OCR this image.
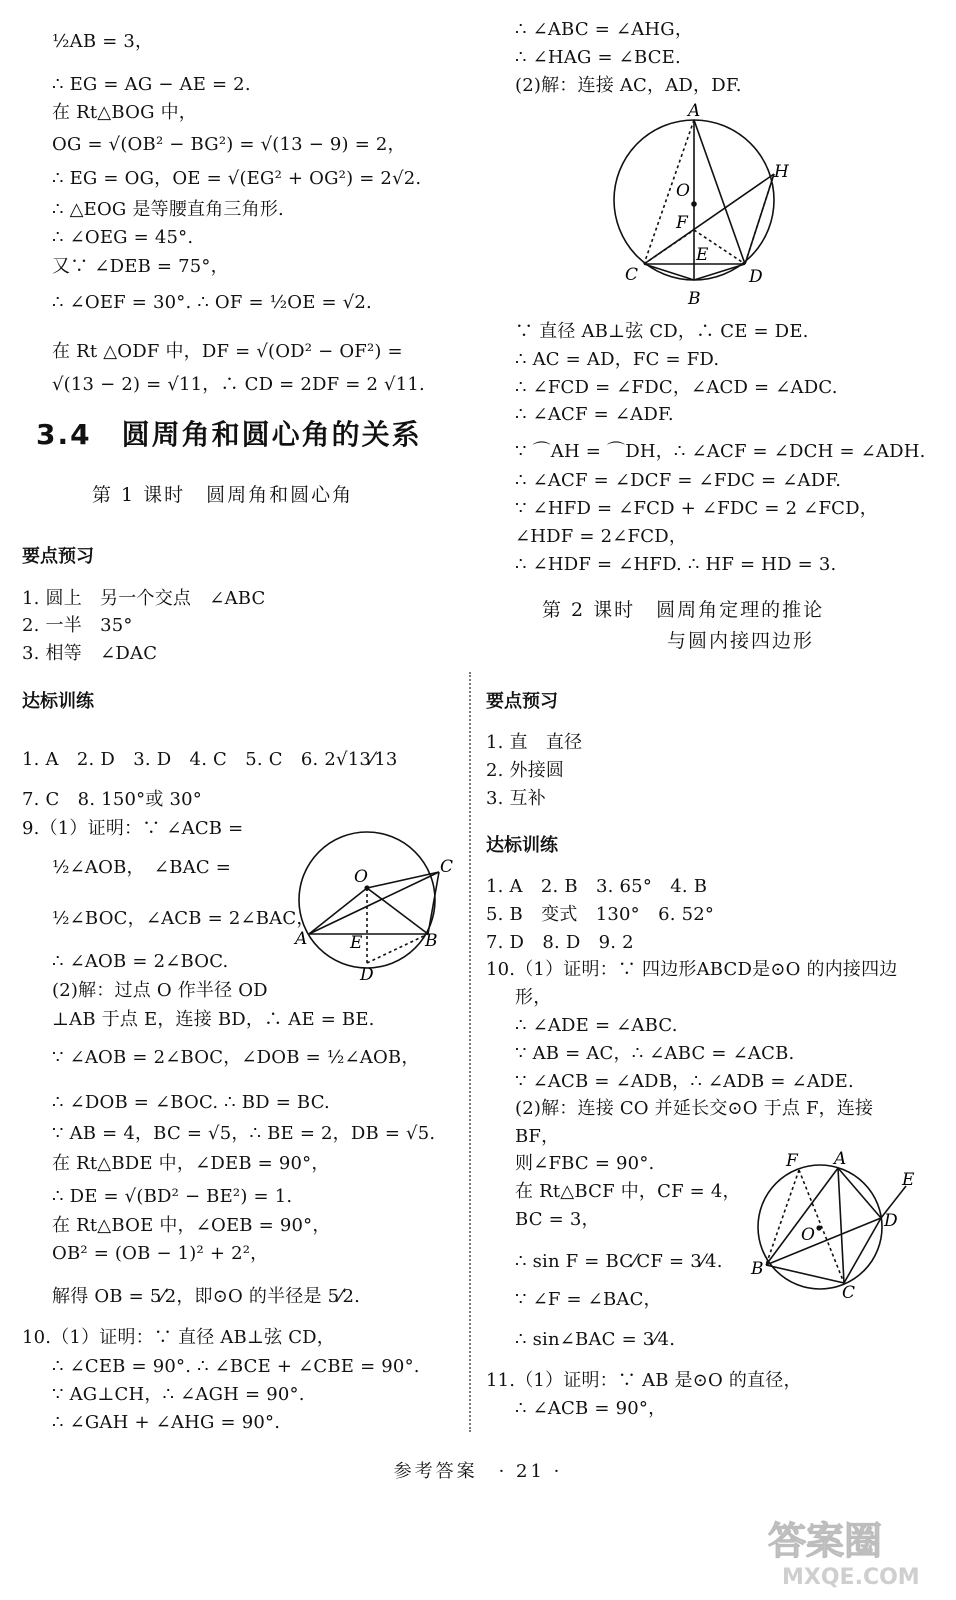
½AB = 3，
∴ EG = AG − AE = 2.
在 Rt△BOG 中，
OG = √(OB² − BG²) = √(13 − 9) = 2，
∴ EG = OG，OE = √(EG² + OG²) = 2√2.
∴ △EOG 是等腰直角三角形.
∴ ∠OEG = 45°.
又∵ ∠DEB = 75°，
∴ ∠OEF = 30°. ∴ OF = ½OE = √2.
在 Rt △ODF 中，DF = √(OD² − OF²) =
√(13 − 2) = √11，∴ CD = 2DF = 2 √11.
3.4　圆周角和圆心角的关系
第 1 课时　圆周角和圆心角
要点预习
1. 圆上　另一个交点　∠ABC
2. 一半　35°
3. 相等　∠DAC
达标训练
1. A　2. D　3. D　4. C　5. C　6. 2√13⁄13
7. C　8. 150°或 30°
9.（1）证明：∵ ∠ACB =
½∠AOB，　∠BAC =
½∠BOC，∠ACB = 2∠BAC，
∴ ∠AOB = 2∠BOC.
(2)解：过点 O 作半径 OD
⊥AB 于点 E，连接 BD，∴ AE = BE.
∵ ∠AOB = 2∠BOC，∠DOB = ½∠AOB，
∴ ∠DOB = ∠BOC. ∴ BD = BC.
∵ AB = 4，BC = √5，∴ BE = 2，DB = √5.
在 Rt△BDE 中，∠DEB = 90°，
∴ DE = √(BD² − BE²) = 1.
在 Rt△BOE 中，∠OEB = 90°，
OB² = (OB − 1)² + 2²，
解得 OB = 5⁄2，即⊙O 的半径是 5⁄2.
10.（1）证明：∵ 直径 AB⊥弦 CD，
∴ ∠CEB = 90°. ∴ ∠BCE + ∠CBE = 90°.
∵ AG⊥CH，∴ ∠AGH = 90°.
∴ ∠GAH + ∠AHG = 90°.
O	C
A	E	B
D
∴ ∠ABC = ∠AHG，
∴ ∠HAG = ∠BCE.
(2)解：连接 AC，AD，DF.
A
H
O
F
E
C	D
B
∵ 直径 AB⊥弦 CD，∴ CE = DE.
∴ AC = AD，FC = FD.
∴ ∠FCD = ∠FDC，∠ACD = ∠ADC.
∴ ∠ACF = ∠ADF.
∵ ⌒AH = ⌒DH，∴ ∠ACF = ∠DCH = ∠ADH.
∴ ∠ACF = ∠DCF = ∠FDC = ∠ADF.
∵ ∠HFD = ∠FCD + ∠FDC = 2 ∠FCD，
∠HDF = 2∠FCD，
∴ ∠HDF = ∠HFD. ∴ HF = HD = 3.
第 2 课时　圆周角定理的推论
与圆内接四边形
要点预习
1. 直　直径
2. 外接圆
3. 互补
达标训练
1. A　2. B　3. 65°　4. B
5. B　变式　130°　6. 52°
7. D　8. D　9. 2
10.（1）证明：∵ 四边形ABCD是⊙O 的内接四边
形，
∴ ∠ADE = ∠ABC.
∵ AB = AC，∴ ∠ABC = ∠ACB.
∵ ∠ACB = ∠ADB，∴ ∠ADB = ∠ADE.
(2)解：连接 CO 并延长交⊙O 于点 F，连接
BF，
则∠FBC = 90°.
在 Rt△BCF 中，CF = 4，
BC = 3，
∴ sin F = BC⁄CF = 3⁄4.
∵ ∠F = ∠BAC，
∴ sin∠BAC = 3⁄4.
11.（1）证明：∵ AB 是⊙O 的直径，
∴ ∠ACB = 90°，
F A
E
D
O
B
C
参考答案　· 21 ·
答案圈
MXQE.COM
